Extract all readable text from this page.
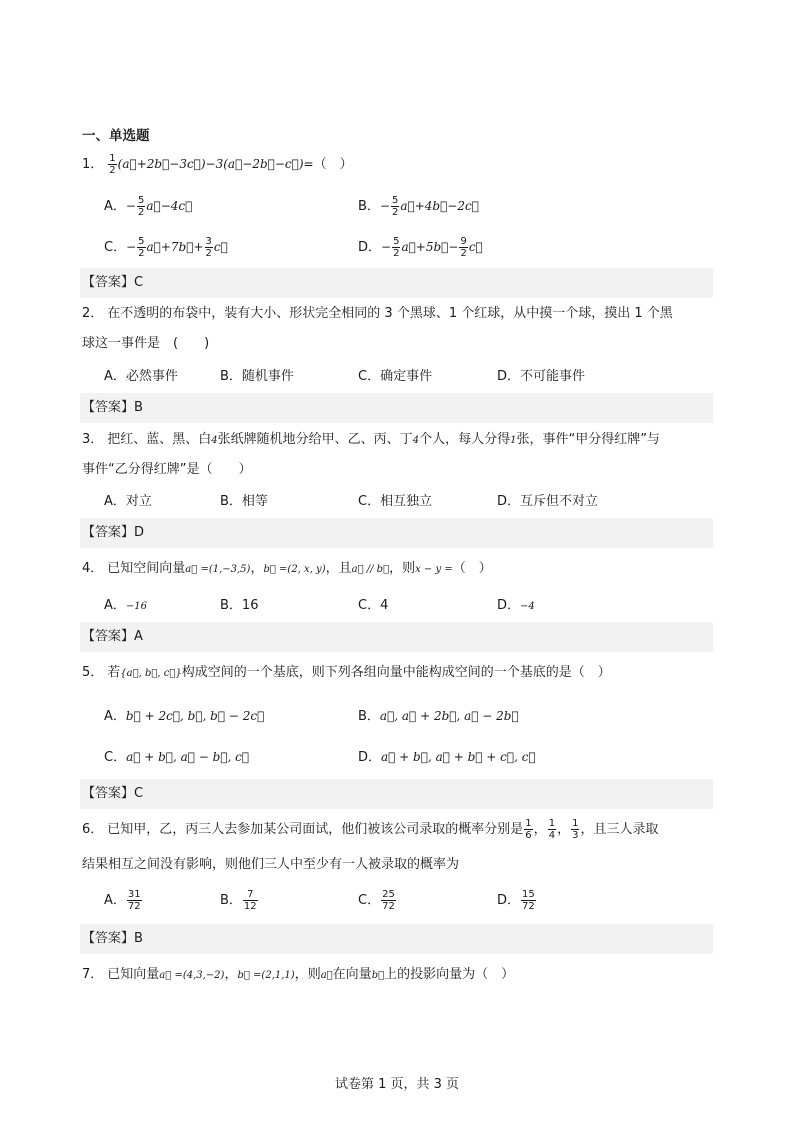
一、单选题
1． $\frac{1}{2}$ (a⃗+2b⃗−3c⃗)−3(a⃗−2b⃗−c⃗)=（　）
A．− $\frac{5}{2}$ a⃗−4c⃗	B．− $\frac{5}{2}$ a⃗+4b⃗−2c⃗
C．− $\frac{5}{2}$ a⃗+7b⃗+ $\frac{3}{2}$ c⃗	D．− $\frac{5}{2}$ a⃗+5b⃗− $\frac{9}{2}$ c⃗
【答案】C
2． 在不透明的布袋中，装有大小、形状完全相同的 3 个黑球、1 个红球，从中摸一个球，摸出 1 个黑
球这一事件是　(　　)
A．必然事件	B．随机事件	C．确定事件	D．不可能事件
【答案】B
3． 把红、蓝、黑、白4张纸牌随机地分给甲、乙、丙、丁4个人，每人分得1张，事件“甲分得红牌”与
事件“乙分得红牌”是（　　）
A．对立	B．相等	C．相互独立	D．互斥但不对立
【答案】D
4． 已知空间向量a⃗ =(1,−3,5)，b⃗ =(2, x, y)，且a⃗ // b⃗，则x − y =（　）
A．−16	B．16	C．4	D．−4
【答案】A
5． 若{a⃗, b⃗, c⃗}构成空间的一个基底，则下列各组向量中能构成空间的一个基底的是（　）
A．b⃗ + 2c⃗, b⃗, b⃗ − 2c⃗	B．a⃗, a⃗ + 2b⃗, a⃗ − 2b⃗
C．a⃗ + b⃗, a⃗ − b⃗, c⃗	D．a⃗ + b⃗, a⃗ + b⃗ + c⃗, c⃗
【答案】C
6． 已知甲，乙，丙三人去参加某公司面试，他们被该公司录取的概率分别是 $\frac{1}{6}$ ， $\frac{1}{4}$ ， $\frac{1}{3}$ ，且三人录取
结果相互之间没有影响，则他们三人中至少有一人被录取的概率为
A． $\frac{31}{72}$	B． $\frac{7}{12}$	C． $\frac{25}{72}$	D． $\frac{15}{72}$
【答案】B
7． 已知向量a⃗ =(4,3,−2)，b⃗ =(2,1,1)，则a⃗在向量b⃗上的投影向量为（　）
试卷第 1 页，共 3 页
